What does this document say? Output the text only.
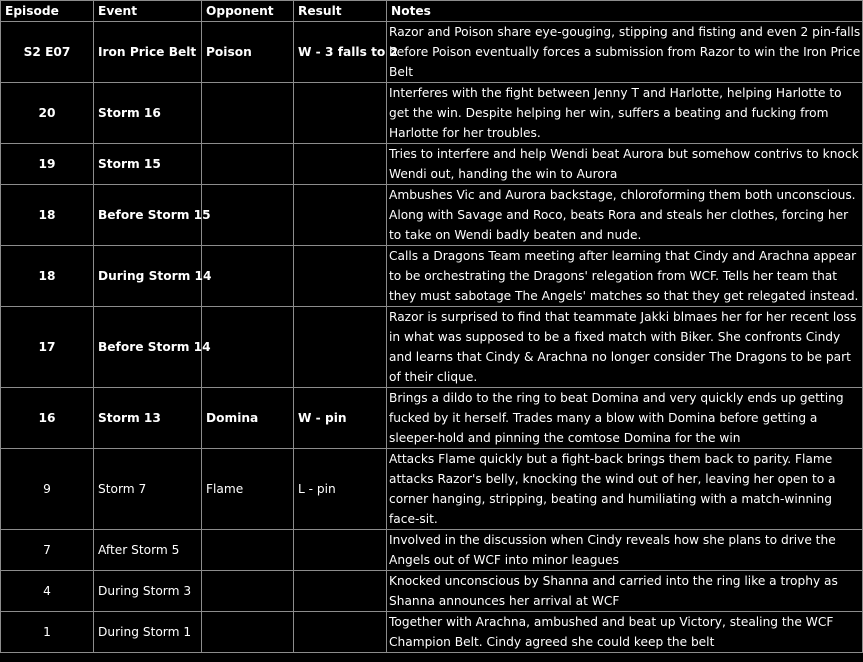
Episode	Event	Opponent	Result	Notes
S2 E07	Iron Price Belt	Poison	W - 3 falls to 2	Razor and Poison share eye-gouging, stipping and fisting and even 2 pin-falls before Poison eventually forces a submission from Razor to win the Iron Price Belt
20	Storm 16			Interferes with the fight between Jenny T and Harlotte, helping Harlotte to get the win. Despite helping her win, suffers a beating and fucking from Harlotte for her troubles.
19	Storm 15			Tries to interfere and help Wendi beat Aurora but somehow contrivs to knock Wendi out, handing the win to Aurora
18	Before Storm 15			Ambushes Vic and Aurora backstage, chloroforming them both unconscious. Along with Savage and Roco, beats Rora and steals her clothes, forcing her to take on Wendi badly beaten and nude.
18	During Storm 14			Calls a Dragons Team meeting after learning that Cindy and Arachna appear to be orchestrating the Dragons' relegation from WCF. Tells her team that they must sabotage The Angels' matches so that they get relegated instead.
17	Before Storm 14			Razor is surprised to find that teammate Jakki blmaes her for her recent loss in what was supposed to be a fixed match with Biker. She confronts Cindy and learns that Cindy & Arachna no longer consider The Dragons to be part of their clique.
16	Storm 13	Domina	W - pin	Brings a dildo to the ring to beat Domina and very quickly ends up getting fucked by it herself. Trades many a blow with Domina before getting a sleeper-hold and pinning the comtose Domina for the win
9	Storm 7	Flame	L - pin	Attacks Flame quickly but a fight-back brings them back to parity. Flame attacks Razor's belly, knocking the wind out of her, leaving her open to a corner hanging, stripping, beating and humiliating with a match-winning face-sit.
7	After Storm 5			Involved in the discussion when Cindy reveals how she plans to drive the Angels out of WCF into minor leagues
4	During Storm 3			Knocked unconscious by Shanna and carried into the ring like a trophy as Shanna announces her arrival at WCF
1	During Storm 1			Together with Arachna, ambushed and beat up Victory, stealing the WCF Champion Belt. Cindy agreed she could keep the belt
